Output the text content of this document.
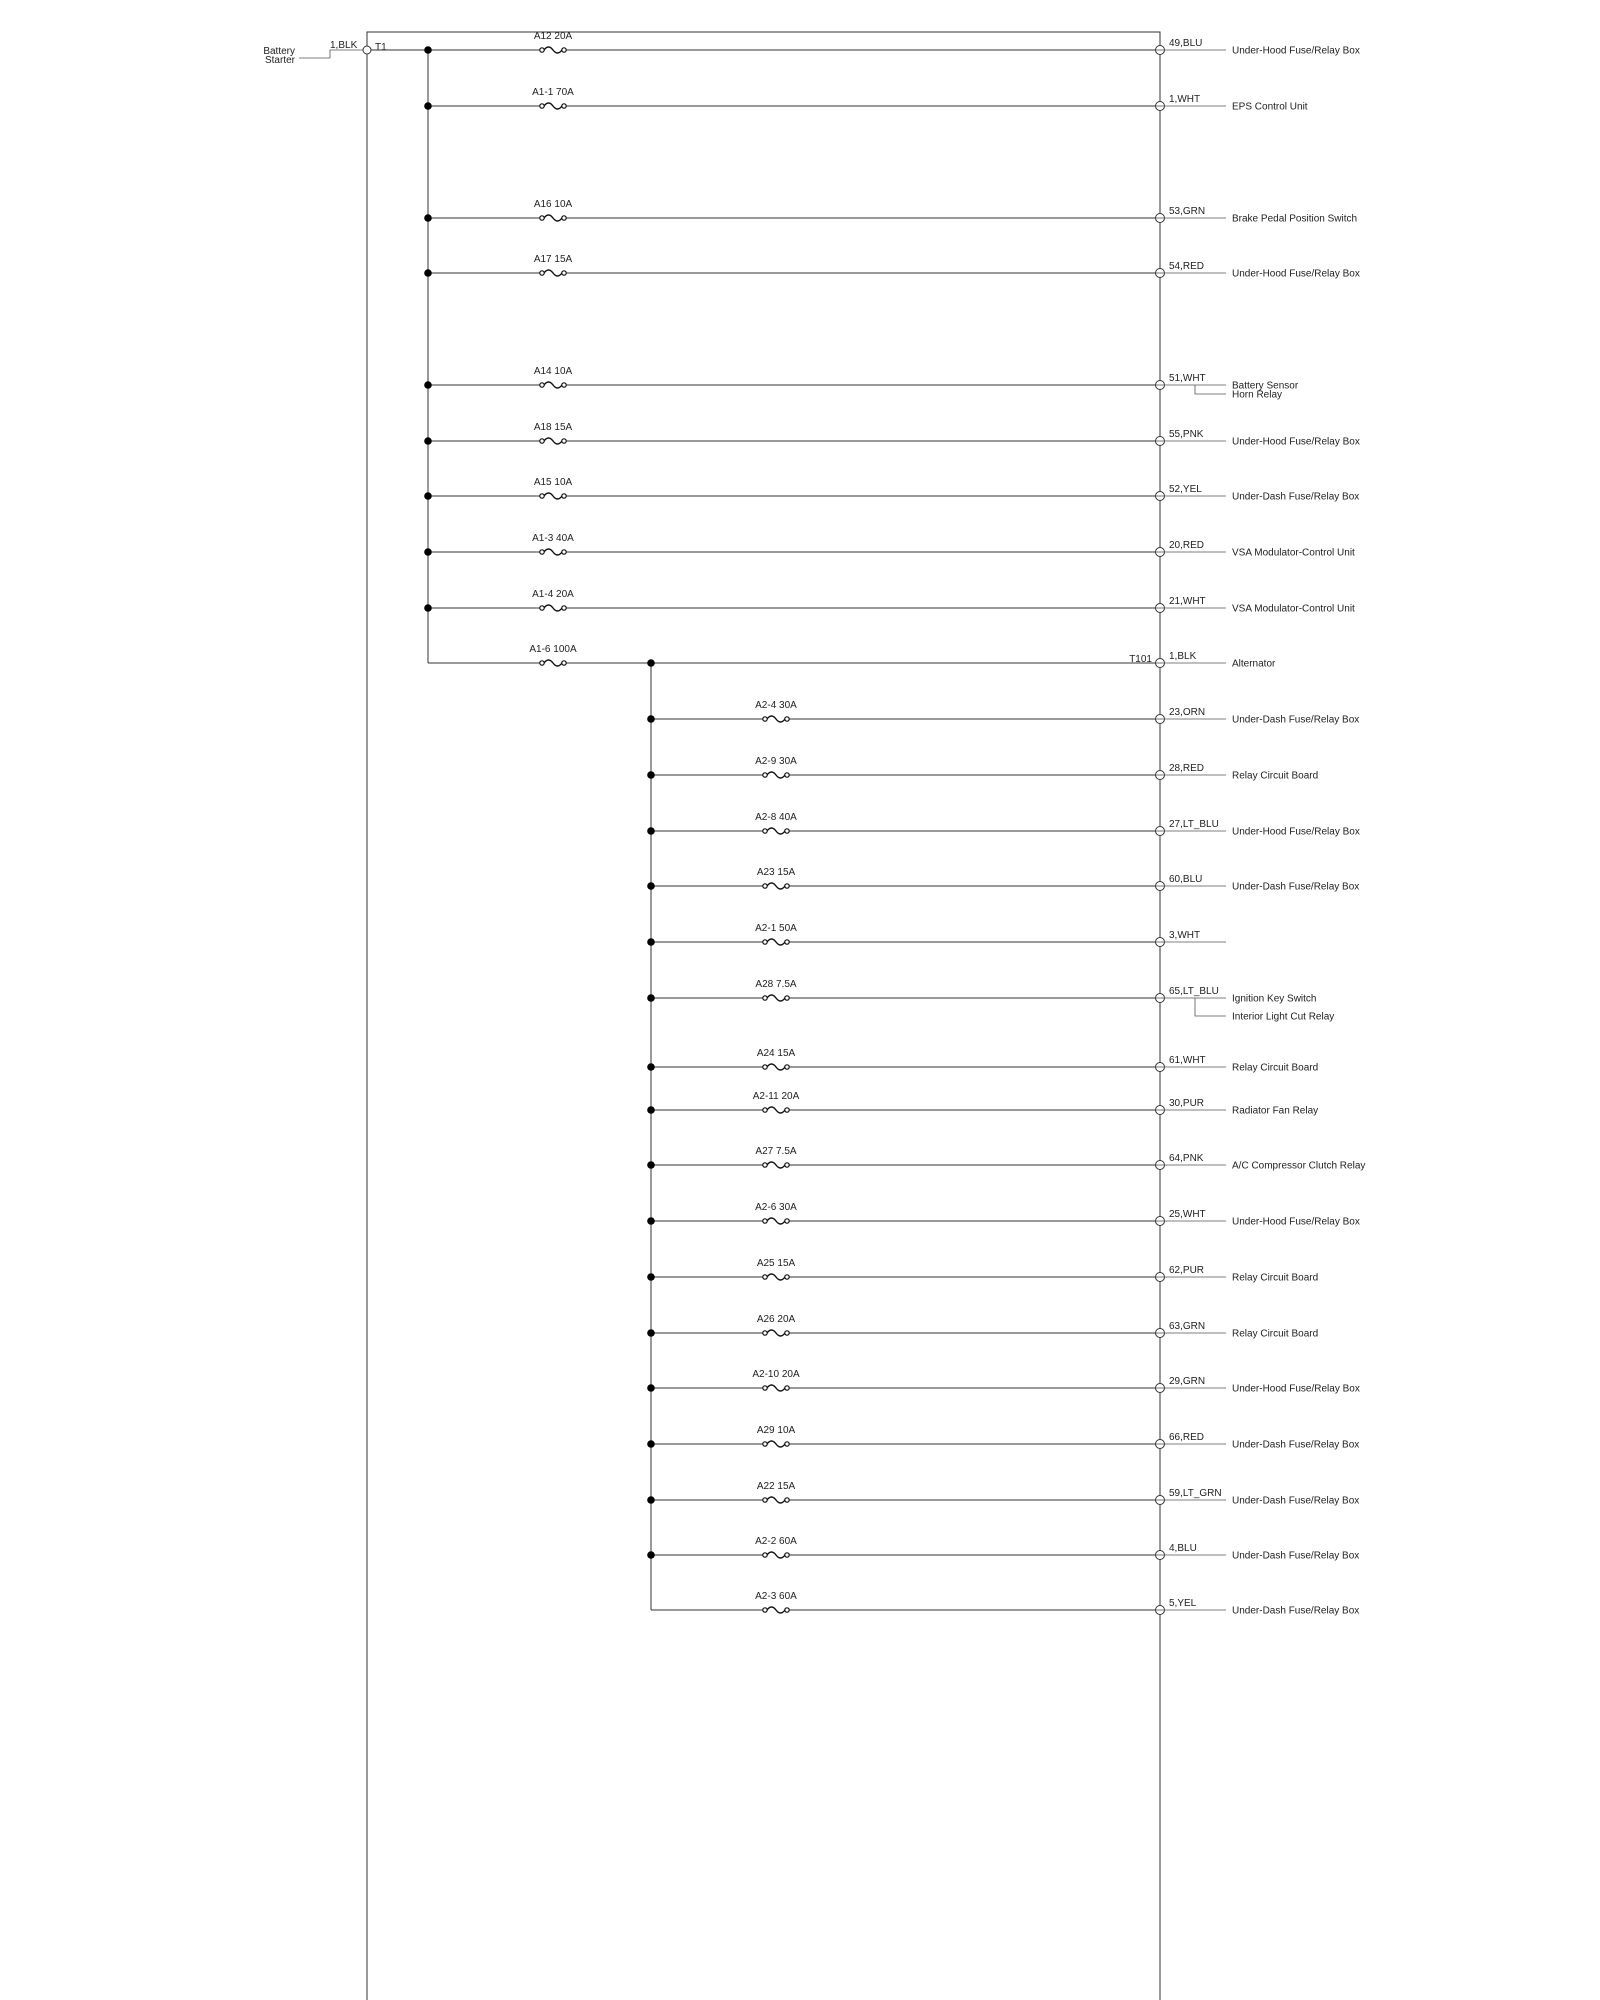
Battery
Starter
1,BLK T1
A12 20A
49,BLU
Under-Hood Fuse/Relay Box
A1-1 70A
1,WHT
EPS Control Unit
A16 10A
53,GRN
Brake Pedal Position Switch
A17 15A
54,RED
Under-Hood Fuse/Relay Box
A14 10A
51,WHT
Battery Sensor
Horn Relay
A18 15A
55,PNK
Under-Hood Fuse/Relay Box
A15 10A
52,YEL
Under-Dash Fuse/Relay Box
A1-3 40A
20,RED
VSA Modulator-Control Unit
A1-4 20A
21,WHT
VSA Modulator-Control Unit
A1-6 100A
1,BLK
Alternator
T101
A2-4 30A
23,ORN
Under-Dash Fuse/Relay Box
A2-9 30A
28,RED
Relay Circuit Board
A2-8 40A
27,LT_BLU
Under-Hood Fuse/Relay Box
A23 15A
60,BLU
Under-Dash Fuse/Relay Box
A2-1 50A
3,WHT
A28 7.5A
65,LT_BLU
Ignition Key Switch
Interior Light Cut Relay
A24 15A
61,WHT
Relay Circuit Board
A2-11 20A
30,PUR
Radiator Fan Relay
A27 7.5A
64,PNK
A/C Compressor Clutch Relay
A2-6 30A
25,WHT
Under-Hood Fuse/Relay Box
A25 15A
62,PUR
Relay Circuit Board
A26 20A
63,GRN
Relay Circuit Board
A2-10 20A
29,GRN
Under-Hood Fuse/Relay Box
A29 10A
66,RED
Under-Dash Fuse/Relay Box
A22 15A
59,LT_GRN
Under-Dash Fuse/Relay Box
A2-2 60A
4,BLU
Under-Dash Fuse/Relay Box
A2-3 60A
5,YEL
Under-Dash Fuse/Relay Box
